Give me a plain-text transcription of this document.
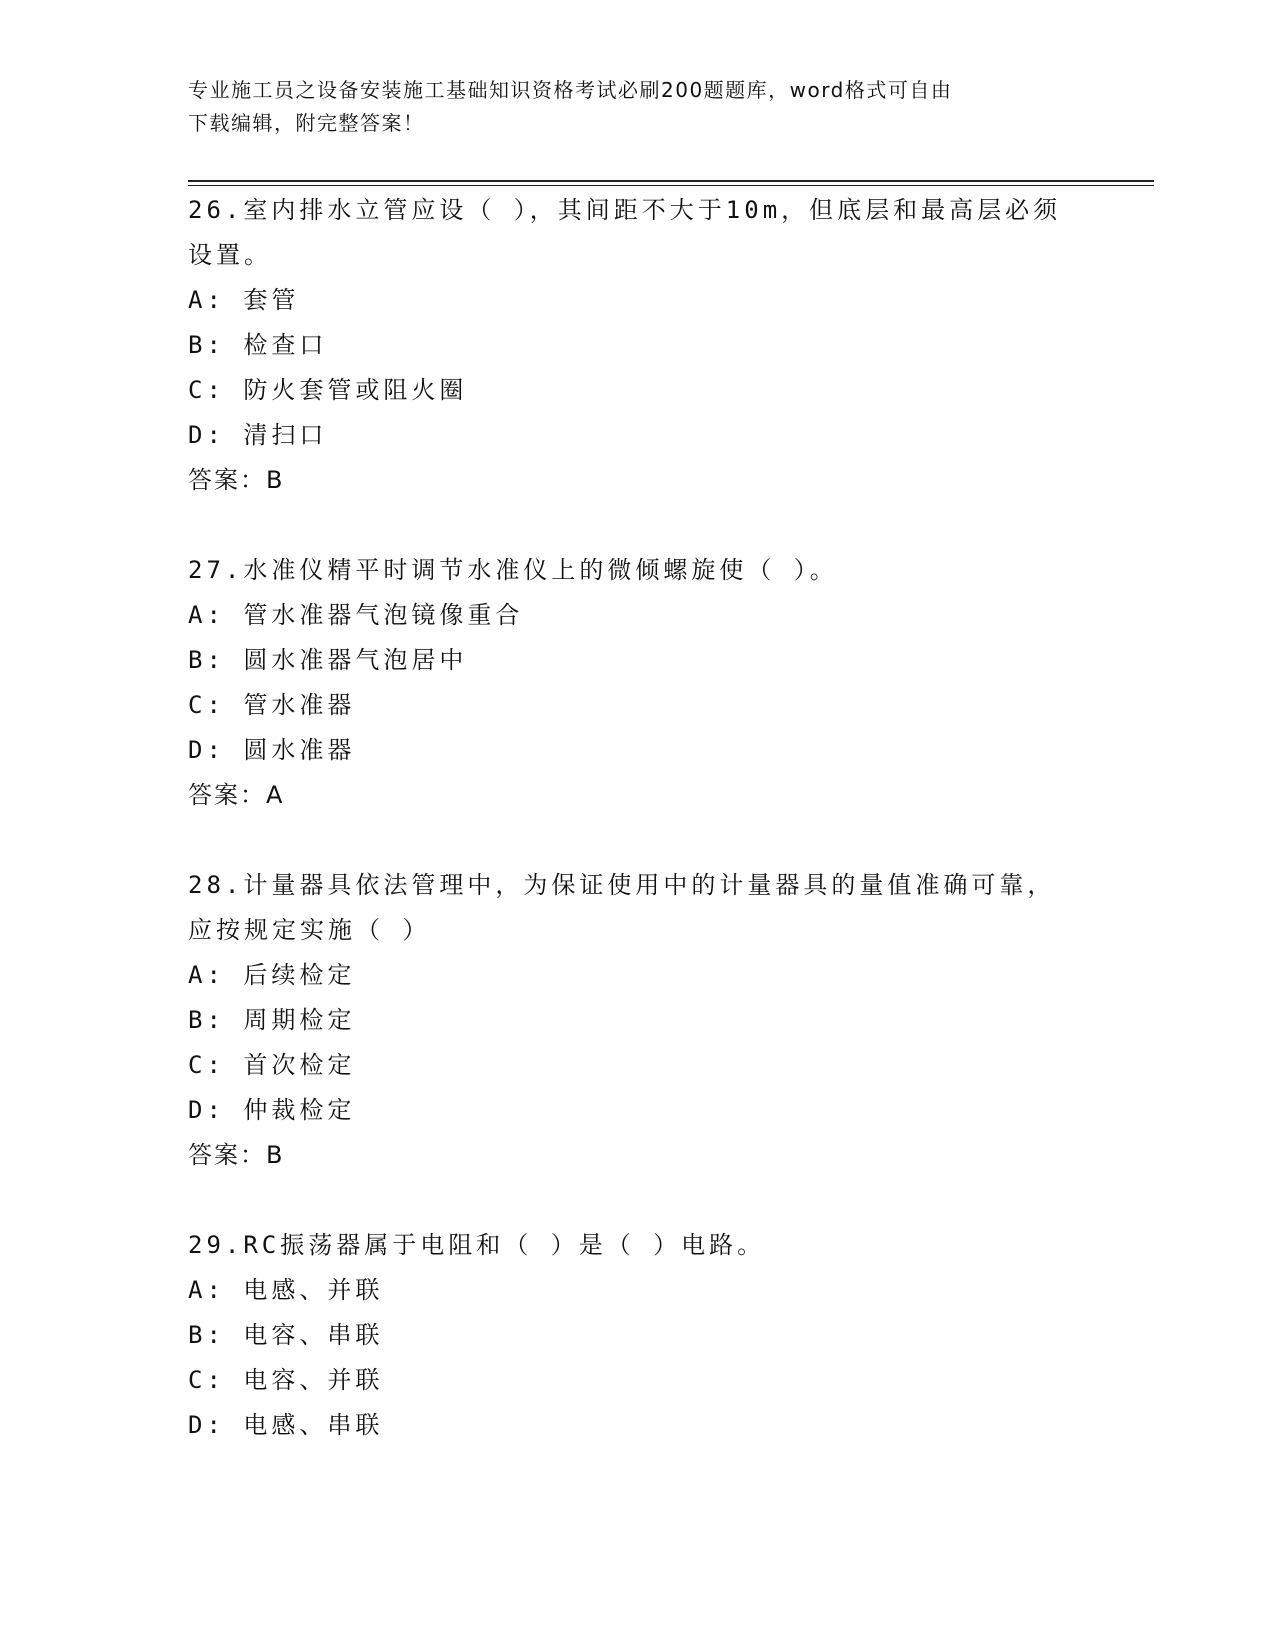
专业施工员之设备安装施工基础知识资格考试必刷200题题库，word格式可自由
下载编辑，附完整答案！
26.室内排水立管应设（ ），其间距不大于10m，但底层和最高层必须
设置。
A: 套管
B: 检查口
C: 防火套管或阻火圈
D: 清扫口
答案：B
27.水准仪精平时调节水准仪上的微倾螺旋使（ ）。
A: 管水准器气泡镜像重合
B: 圆水准器气泡居中
C: 管水准器
D: 圆水准器
答案：A
28.计量器具依法管理中，为保证使用中的计量器具的量值准确可靠，
应按规定实施（ ）
A: 后续检定
B: 周期检定
C: 首次检定
D: 仲裁检定
答案：B
29.RC振荡器属于电阻和（ ）是（ ）电路。
A: 电感、并联
B: 电容、串联
C: 电容、并联
D: 电感、串联
